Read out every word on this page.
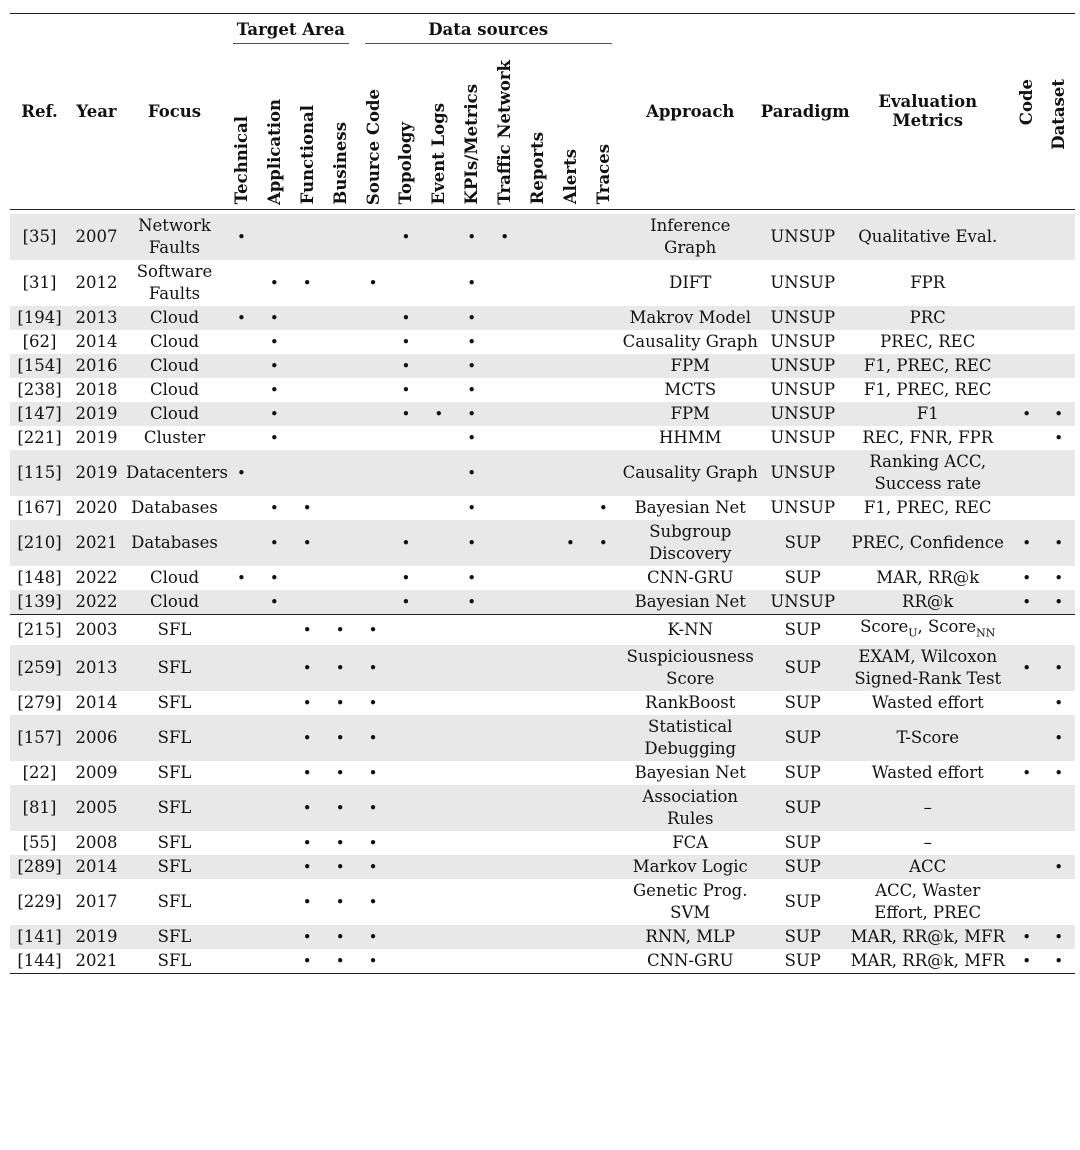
Ref.	Year	Focus	Target Area				Data sources								Approach	Paradigm	Evaluation Metrics	Code	Dataset
			Technical	Application	Functional	Business	Source Code	Topology	Event Logs	KPIs/Metrics	Traffic Network	Reports	Alerts	Traces					

[35]	2007	Network Faults	•					•		•	•				Inference Graph	UNSUP	Qualitative Eval.		
[31]	2012	Software Faults		•	•		•			•					DIFT	UNSUP	FPR		
[194]	2013	Cloud	•	•				•		•					Makrov Model	UNSUP	PRC		
[62]	2014	Cloud		•				•		•					Causality Graph	UNSUP	PREC, REC		
[154]	2016	Cloud		•				•		•					FPM	UNSUP	F1, PREC, REC		
[238]	2018	Cloud		•				•		•					MCTS	UNSUP	F1, PREC, REC		
[147]	2019	Cloud		•				•	•	•					FPM	UNSUP	F1	•	•
[221]	2019	Cluster		•						•					HHMM	UNSUP	REC, FNR, FPR		•
[115]	2019	Datacenters	•							•					Causality Graph	UNSUP	Ranking ACC, Success rate		
[167]	2020	Databases		•	•					•				•	Bayesian Net	UNSUP	F1, PREC, REC		
[210]	2021	Databases		•	•			•		•			•	•	Subgroup Discovery	SUP	PREC, Confidence	•	•
[148]	2022	Cloud	•	•				•		•					CNN-GRU	SUP	MAR, RR@k	•	•
[139]	2022	Cloud		•				•		•					Bayesian Net	UNSUP	RR@k	•	•
[215]	2003	SFL			•	•	•								K-NN	SUP	Score$_U$, Score$_{NN}$		
[259]	2013	SFL			•	•	•								Suspiciousness Score	SUP	EXAM, Wilcoxon Signed-Rank Test	•	•
[279]	2014	SFL			•	•	•								RankBoost	SUP	Wasted effort		•
[157]	2006	SFL			•	•	•								Statistical Debugging	SUP	T-Score		•
[22]	2009	SFL			•	•	•								Bayesian Net	SUP	Wasted effort	•	•
[81]	2005	SFL			•	•	•								Association Rules	SUP	–		
[55]	2008	SFL			•	•	•								FCA	SUP	–		
[289]	2014	SFL			•	•	•								Markov Logic	SUP	ACC		•
[229]	2017	SFL			•	•	•								Genetic Prog. SVM	SUP	ACC, Waster Effort, PREC		
[141]	2019	SFL			•	•	•								RNN, MLP	SUP	MAR, RR@k, MFR	•	•
[144]	2021	SFL			•	•	•								CNN-GRU	SUP	MAR, RR@k, MFR	•	•
